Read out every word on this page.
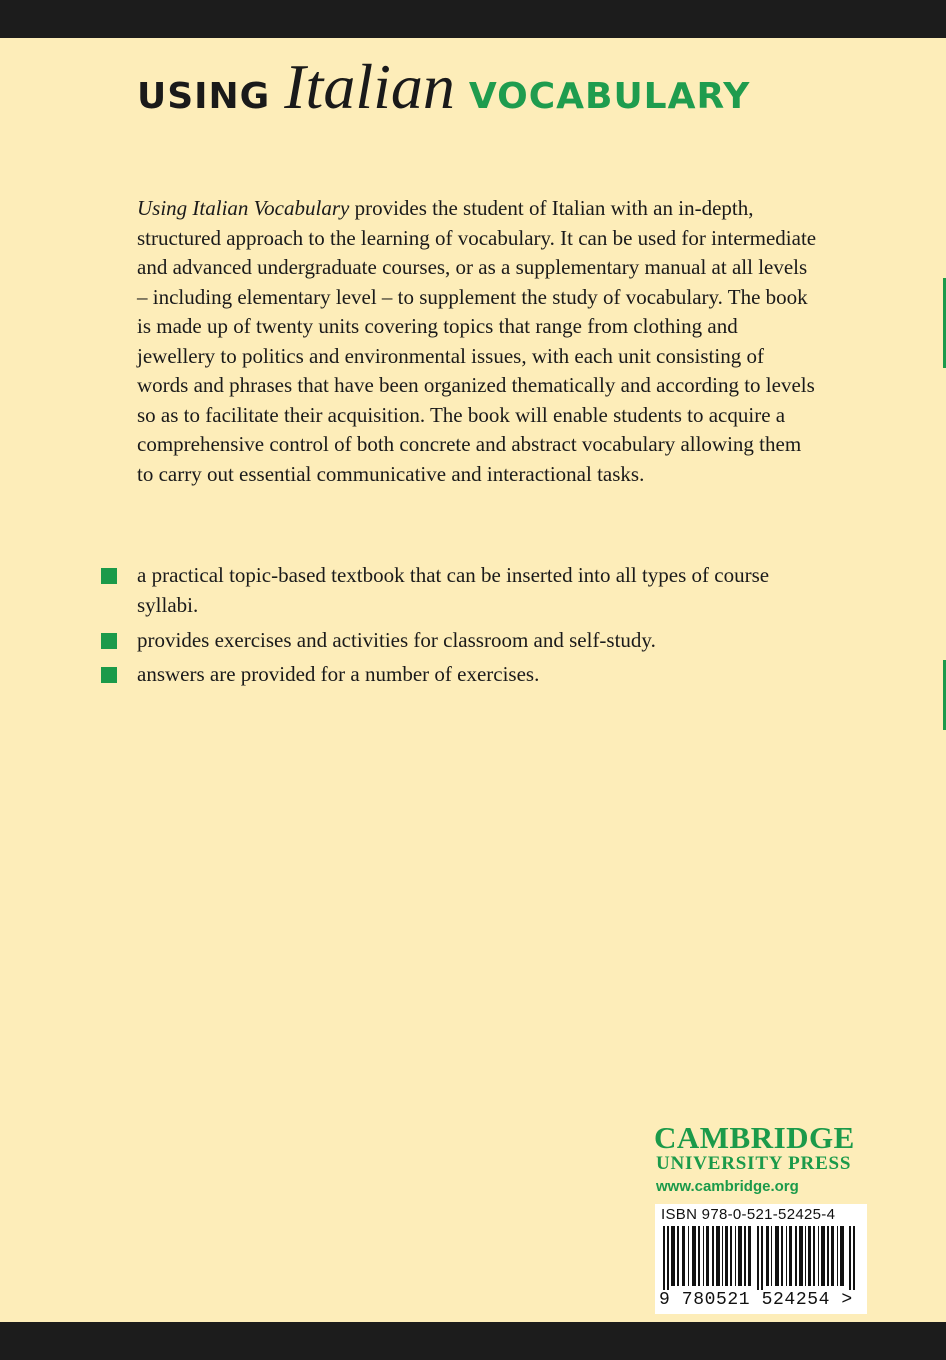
USING Italian VOCABULARY

Using Italian Vocabulary provides the student of Italian with an in-depth, structured approach to the learning of vocabulary. It can be used for intermediate and advanced undergraduate courses, or as a supplementary manual at all levels – including elementary level – to supplement the study of vocabulary. The book is made up of twenty units covering topics that range from clothing and jewellery to politics and environmental issues, with each unit consisting of words and phrases that have been organized thematically and according to levels so as to facilitate their acquisition. The book will enable students to acquire a comprehensive control of both concrete and abstract vocabulary allowing them to carry out essential communicative and interactional tasks.

a practical topic-based textbook that can be inserted into all types of course syllabi.

provides exercises and activities for classroom and self-study.

answers are provided for a number of exercises.

CAMBRIDGE
UNIVERSITY PRESS
www.cambridge.org
ISBN 978-0-521-52425-4
9 780521 524254 >
